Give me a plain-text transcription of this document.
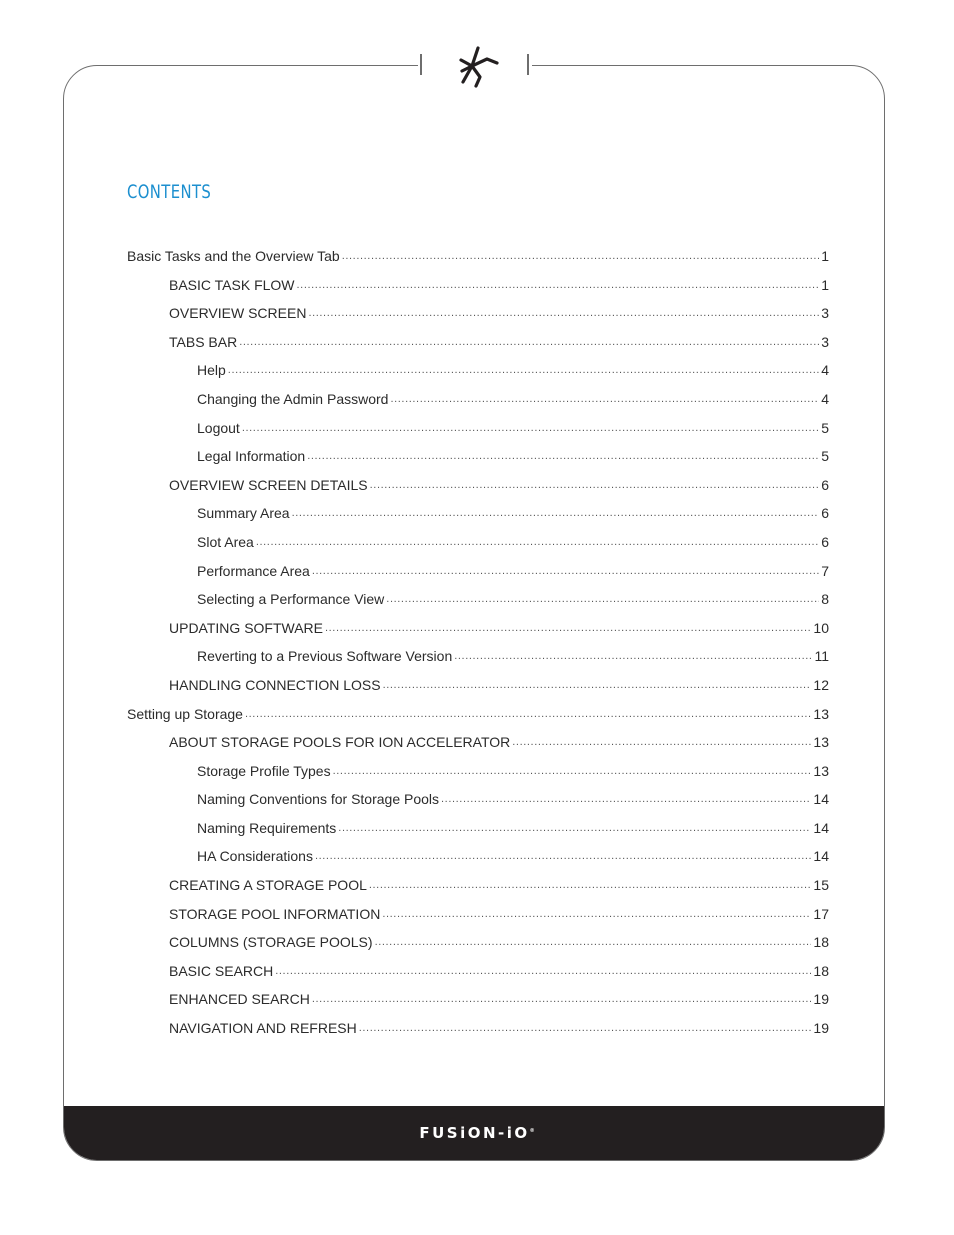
FUSiON-iO®
CONTENTS
Basic Tasks and the Overview Tab .....	1
BASIC TASK FLOW .....	1
OVERVIEW SCREEN .....	3
TABS BAR .....	3
Help .....	4
Changing the Admin Password .....	4
Logout .....	5
Legal Information .....	5
OVERVIEW SCREEN DETAILS .....	6
Summary Area .....	6
Slot Area .....	6
Performance Area .....	7
Selecting a Performance View .....	8
UPDATING SOFTWARE .....	10
Reverting to a Previous Software Version .....	11
HANDLING CONNECTION LOSS .....	12
Setting up Storage .....	13
ABOUT STORAGE POOLS FOR ION ACCELERATOR .....	13
Storage Profile Types .....	13
Naming Conventions for Storage Pools .....	14
Naming Requirements .....	14
HA Considerations .....	14
CREATING A STORAGE POOL .....	15
STORAGE POOL INFORMATION .....	17
COLUMNS (STORAGE POOLS) .....	18
BASIC SEARCH .....	18
ENHANCED SEARCH .....	19
NAVIGATION AND REFRESH .....	19
